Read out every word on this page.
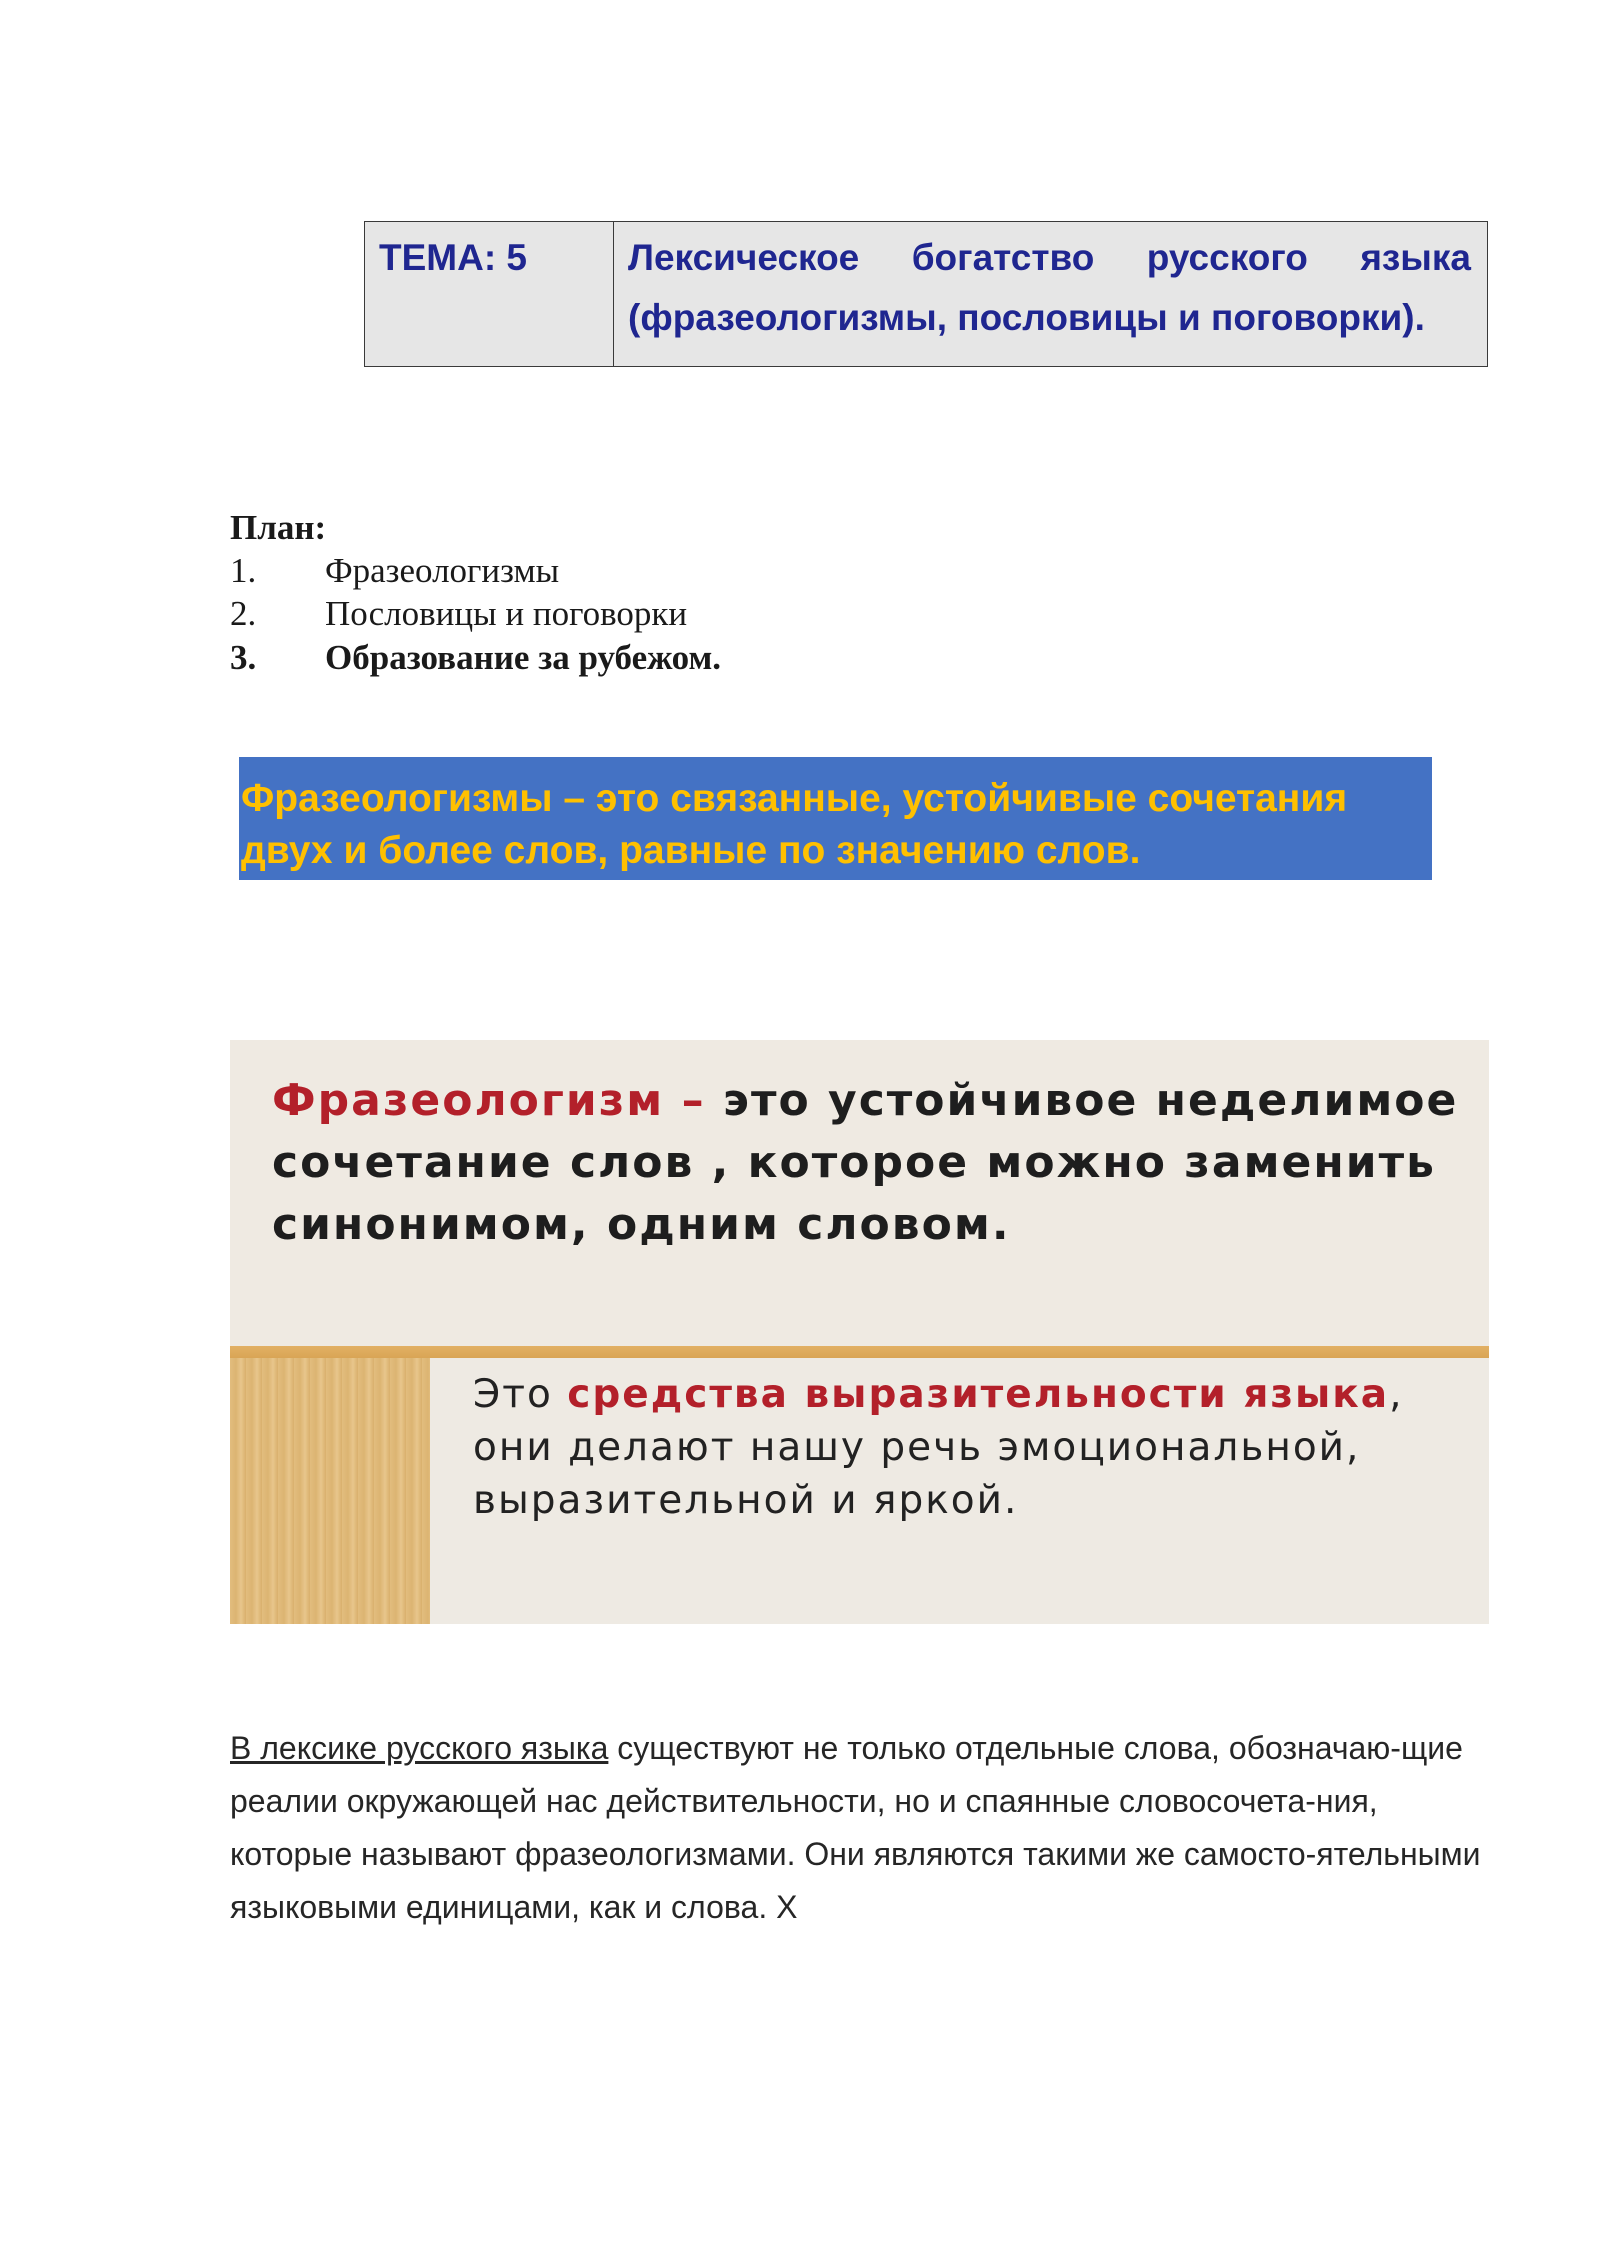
ТЕМА: 5	Лексическое богатство русского языка (фразеологизмы, пословицы и поговорки).
План:
1. Фразеологизмы
2. Пословицы и поговорки
3. Образование за рубежом.
Фразеологизмы – это связанные, устойчивые сочетания двух и более слов, равные по значению слов.
Фразеологизм – это устойчивое неделимое сочетание слов , которое можно заменить синонимом, одним словом.
Это средства выразительности языка, они делают нашу речь эмоциональной, выразительной и яркой.
В лексике русского языка существуют не только отдельные слова, обозначаю-щие реалии окружающей нас действительности, но и спаянные словосочета-ния, которые называют фразеологизмами. Они являются такими же самосто-ятельными языковыми единицами, как и слова. Х
